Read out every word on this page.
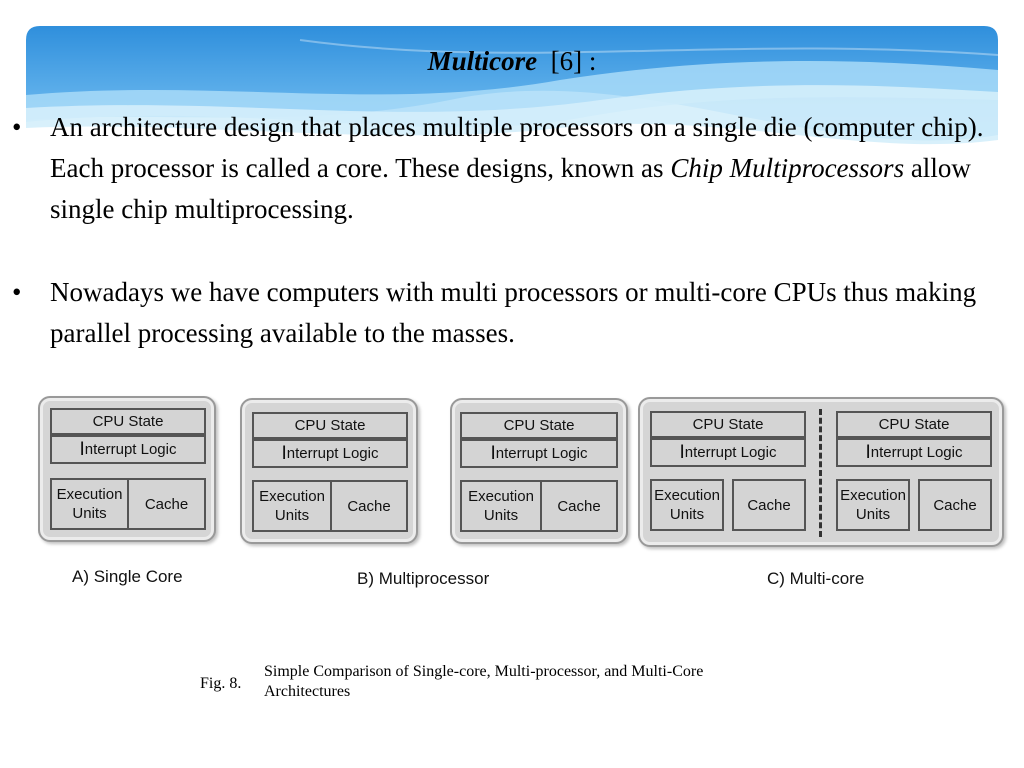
Multicore [6] :
• An architecture design that places multiple processors on a single die (computer chip). Each processor is called a core. These designs, known as Chip Multiprocessors allow single chip multiprocessing.
• Nowadays we have computers with multi processors or multi-core CPUs thus making parallel processing available to the masses.
CPU State
I nterrupt Logic
Execution
Units
Cache
A) Single Core
CPU State
I nterrupt Logic
Execution
Units
Cache
CPU State
I nterrupt Logic
Execution
Units
Cache
B) Multiprocessor
CPU State
I nterrupt Logic
Execution
Units
Cache
CPU State
I nterrupt Logic
Execution
Units
Cache
C) Multi-core
Fig. 8.
Simple Comparison of Single-core, Multi-processor, and Multi-Core Architectures
